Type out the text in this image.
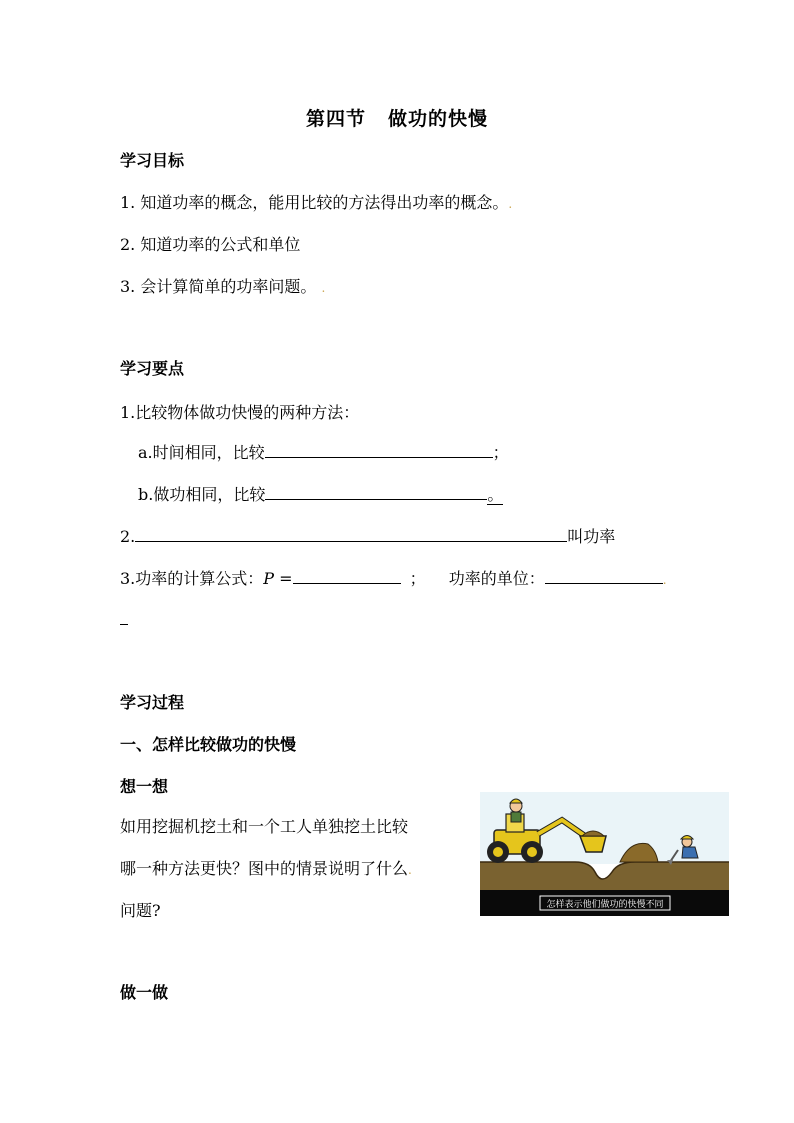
第四节 做功的快慢
学习目标
1. 知道功率的概念，能用比较的方法得出功率的概念。.
2. 知道功率的公式和单位
3. 会计算简单的功率问题。 .
学习要点
1.比较物体做功快慢的两种方法：
a.时间相同，比较	；
b.做功相同，比较	。
2.	叫功率
3.功率的计算公式：P =	； 功率的单位：	.
学习过程
一、怎样比较做功的快慢
想一想
如用挖掘机挖土和一个工人单独挖土比较
哪一种方法更快？图中的情景说明了什么.
问题?	怎样表示他们做功的快慢不同
做一做
